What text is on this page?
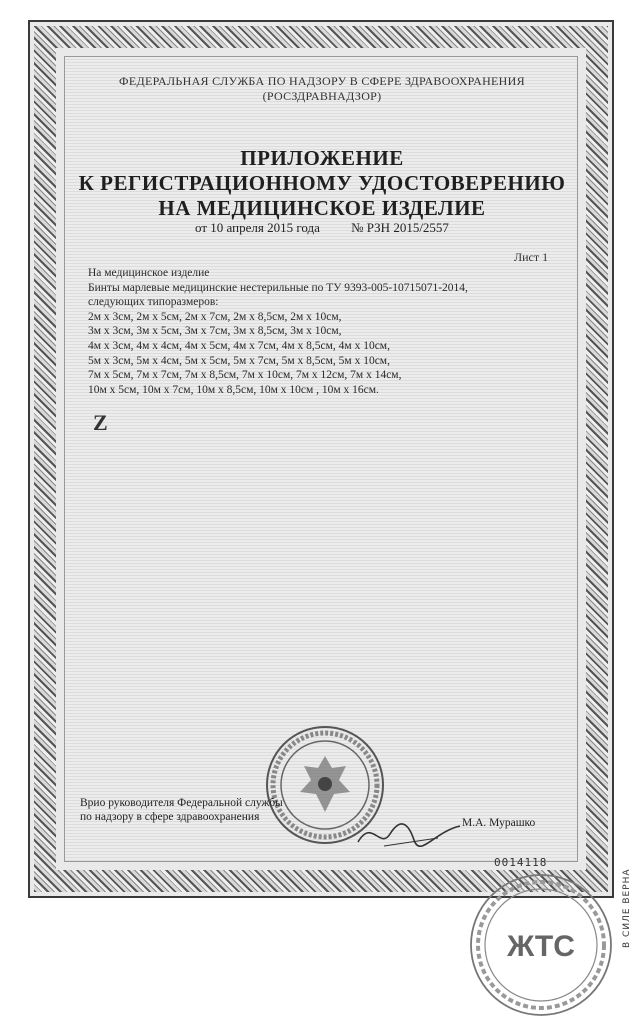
ФЕДЕРАЛЬНАЯ СЛУЖБА ПО НАДЗОРУ В СФЕРЕ ЗДРАВООХРАНЕНИЯ
(РОСЗДРАВНАДЗОР)
ПРИЛОЖЕНИЕ
К РЕГИСТРАЦИОННОМУ УДОСТОВЕРЕНИЮ
НА МЕДИЦИНСКОЕ ИЗДЕЛИЕ
от 10 апреля 2015 года № РЗН 2015/2557
Лист 1
На медицинское изделие
Бинты марлевые медицинские нестерильные по ТУ 9393-005-10715071-2014,
следующих типоразмеров:
2м х 3см, 2м х 5см, 2м х 7см, 2м х 8,5см, 2м х 10см,
3м х 3см, 3м х 5см, 3м х 7см, 3м х 8,5см, 3м х 10см,
4м х 3см, 4м х 4см, 4м х 5см, 4м х 7см, 4м х 8,5см, 4м х 10см,
5м х 3см, 5м х 4см, 5м х 5см, 5м х 7см, 5м х 8,5см, 5м х 10см,
7м х 5см, 7м х 7см, 7м х 8,5см, 7м х 10см, 7м х 12см, 7м х 14см,
10м х 5см, 10м х 7см, 10м х 8,5см, 10м х 10см , 10м х 16см.
Z
Врио руководителя Федеральной службы
по надзору в сфере здравоохранения	М.А. Мурашко
0014118
ЖТС	В СИЛЕ ВЕРНА
